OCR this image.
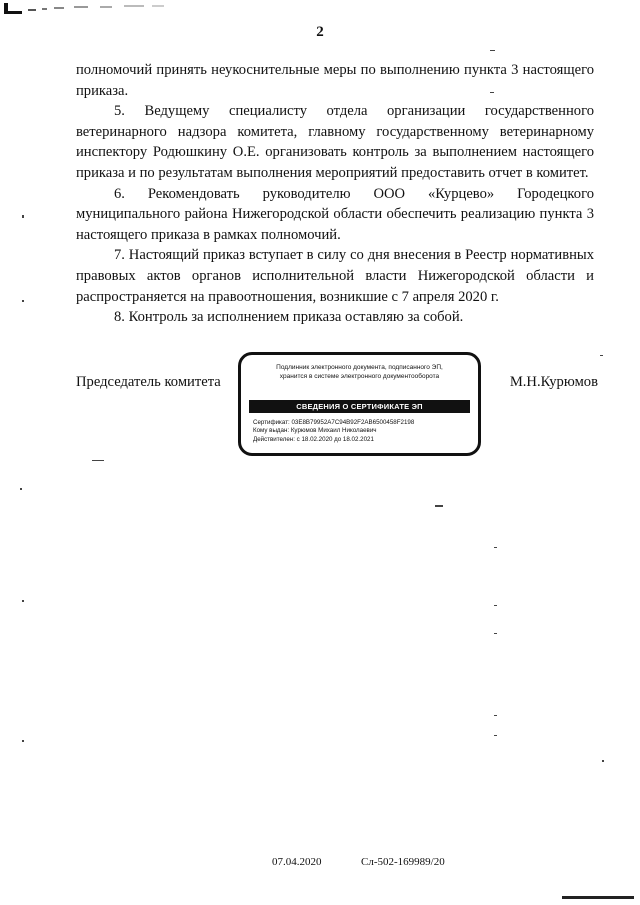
2

полномочий принять неукоснительные меры по выполнению пункта 3 настоящего приказа.

5. Ведущему специалисту отдела организации государственного ветеринарного надзора комитета, главному государственному ветеринарному инспектору Родюшкину О.Е. организовать контроль за выполнением настоящего приказа и по результатам выполнения мероприятий предоставить отчет в комитет.

6. Рекомендовать руководителю ООО «Курцево» Городецкого муниципального района Нижегородской области обеспечить реализацию пункта 3 настоящего приказа в рамках полномочий.

7. Настоящий приказ вступает в силу со дня внесения в Реестр нормативных правовых актов органов исполнительной власти Нижегородской области и распространяется на правоотношения, возникшие с 7 апреля 2020 г.

8. Контроль за исполнением приказа оставляю за собой.

Председатель комитета	М.Н.Курюмов
Подлинник электронного документа, подписанного ЭП,
хранится в системе электронного документооборота
СВЕДЕНИЯ О СЕРТИФИКАТЕ ЭП
Сертификат: 03E8B79952A7C94B92F2AB6500458F2198
Кому выдан: Курюмов Михаил Николаевич
Действителен: с 18.02.2020 до 18.02.2021
07.04.2020	Сл-502-169989/20
